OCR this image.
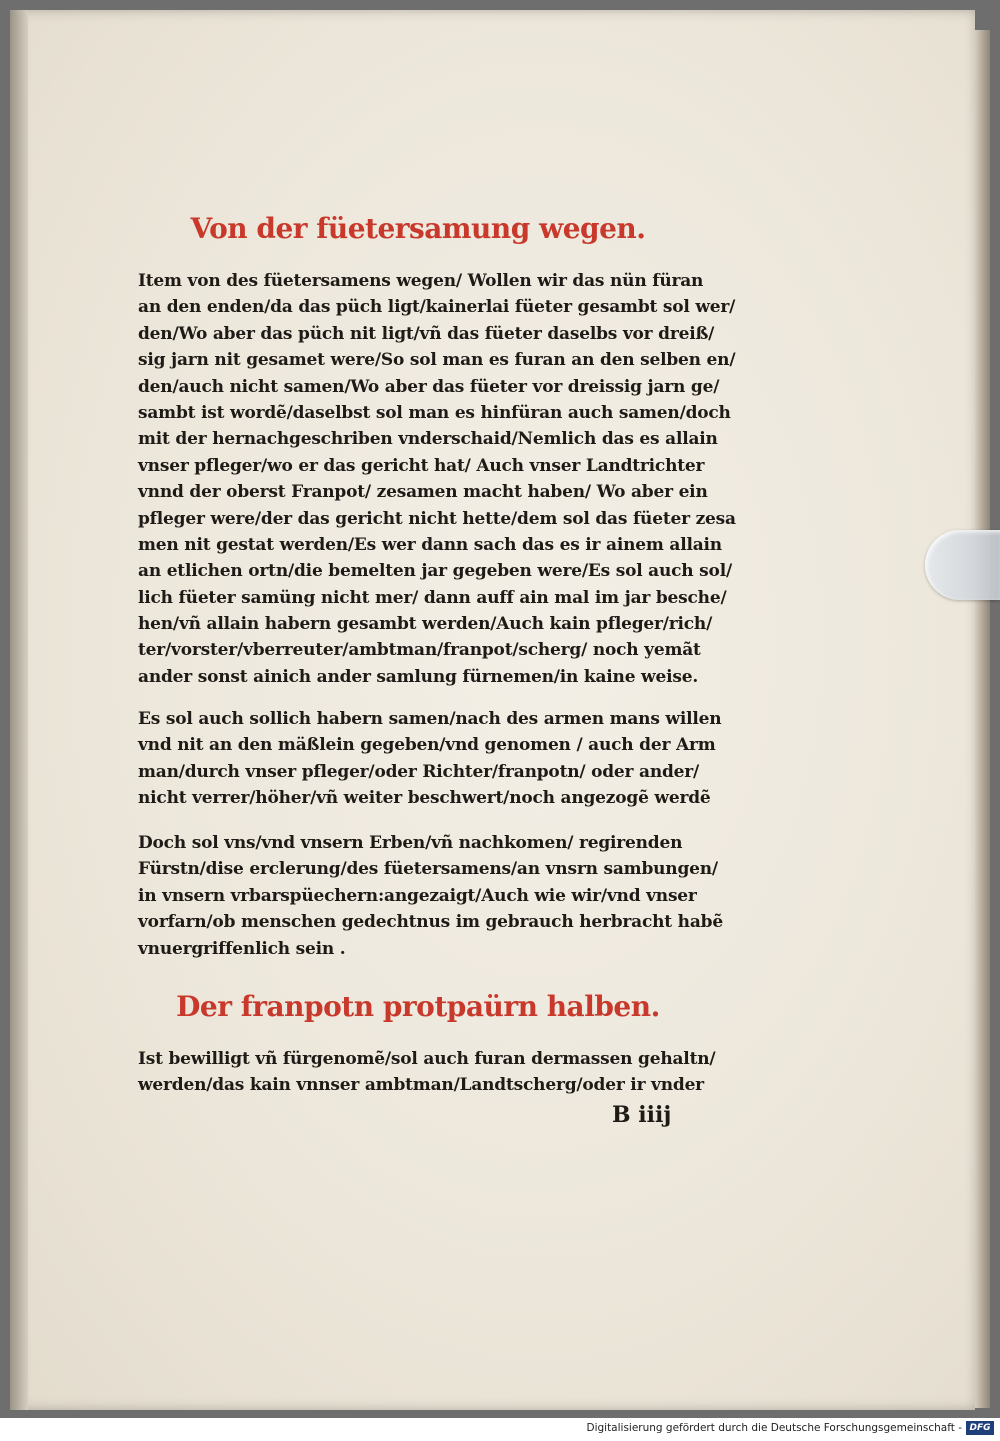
Von der füetersamung wegen.
Item von des füetersamens wegen/ Wollen wir das nün füran
an den enden/da das püch ligt/kainerlai füeter gesambt sol wer/
den/Wo aber das püch nit ligt/vñ das füeter daselbs vor dreiß/
sig jarn nit gesamet were/So sol man es furan an den selben en/
den/auch nicht samen/Wo aber das füeter vor dreissig jarn ge/
sambt ist wordẽ/daselbst sol man es hinfüran auch samen/doch
mit der hernachgeschriben vnderschaid/Nemlich das es allain
vnser pfleger/wo er das gericht hat/ Auch vnser Landtrichter
vnnd der oberst Franpot/ zesamen macht haben/ Wo aber ein
pfleger were/der das gericht nicht hette/dem sol das füeter zesa
men nit gestat werden/Es wer dann sach das es ir ainem allain
an etlichen ortn/die bemelten jar gegeben were/Es sol auch sol/
lich füeter samüng nicht mer/ dann auff ain mal im jar besche/
hen/vñ allain habern gesambt werden/Auch kain pfleger/rich/
ter/vorster/vberreuter/ambtman/franpot/scherg/ noch yemãt
ander sonst ainich ander samlung fürnemen/in kaine weise.
Es sol auch sollich habern samen/nach des armen mans willen
vnd nit an den mäßlein gegeben/vnd genomen / auch der Arm
man/durch vnser pfleger/oder Richter/franpotn/ oder ander/
nicht verrer/höher/vñ weiter beschwert/noch angezogẽ werdẽ
Doch sol vns/vnd vnsern Erben/vñ nachkomen/ regirenden
Fürstn/dise erclerung/des füetersamens/an vnsrn sambungen/
in vnsern vrbarspüechern:angezaigt/Auch wie wir/vnd vnser
vorfarn/ob menschen gedechtnus im gebrauch herbracht habẽ
vnuergriffenlich sein .
Der franpotn protpaürn halben.
Ist bewilligt vñ fürgenomẽ/sol auch furan dermassen gehaltn/
werden/das kain vnnser ambtman/Landtscherg/oder ir vnder
B iiij
Digitalisierung gefördert durch die Deutsche Forschungsgemeinschaft - DFG
